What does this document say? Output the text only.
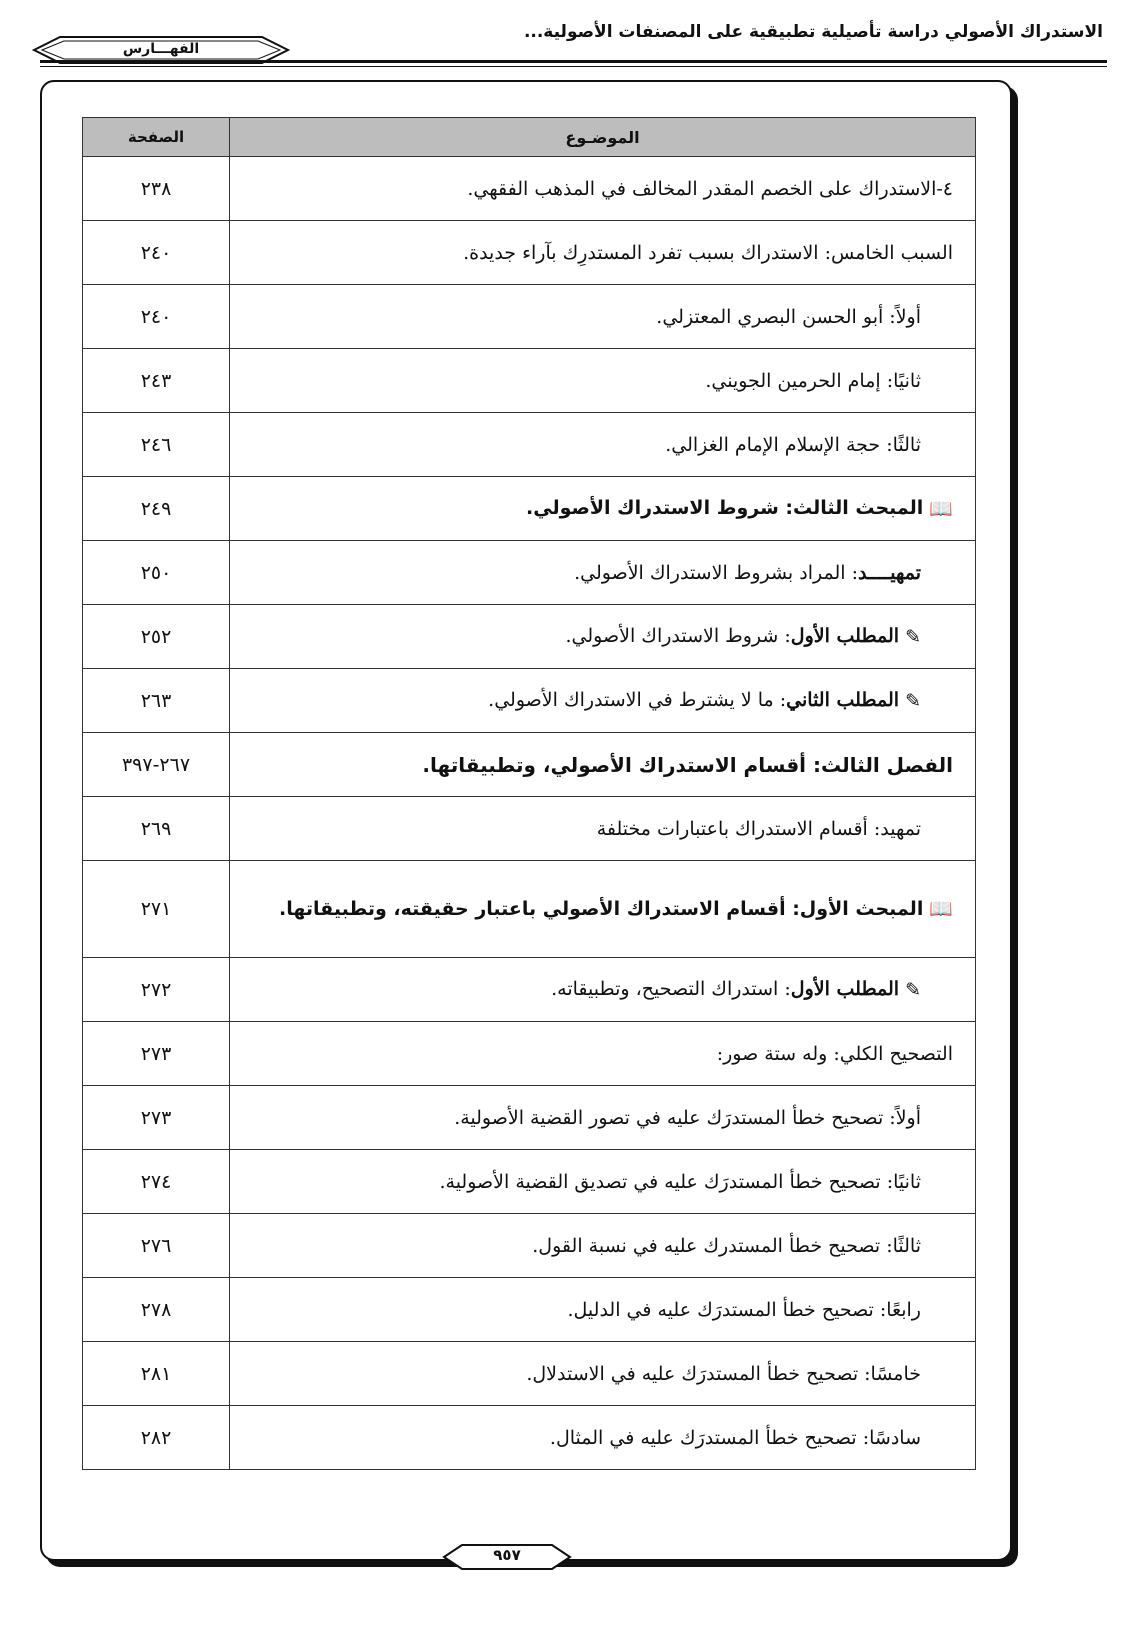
الاستدراك الأصولي دراسة تأصيلية تطبيقية على المصنفات الأصولية...
الفهـــارس
الموضـوع	الصفحة
٤-الاستدراك على الخصم المقدر المخالف في المذهب الفقهي.	٢٣٨
السبب الخامس: الاستدراك بسبب تفرد المستدرِك بآراء جديدة.	٢٤٠
أولاً: أبو الحسن البصري المعتزلي.	٢٤٠
ثانيًا: إمام الحرمين الجويني.	٢٤٣
ثالثًا: حجة الإسلام الإمام الغزالي.	٢٤٦
📖المبحث الثالث: شروط الاستدراك الأصولي.	٢٤٩
تمهيــــد: المراد بشروط الاستدراك الأصولي.	٢٥٠
✎المطلب الأول: شروط الاستدراك الأصولي.	٢٥٢
✎المطلب الثاني: ما لا يشترط في الاستدراك الأصولي.	٢٦٣
الفصل الثالث: أقسام الاستدراك الأصولي، وتطبيقاتها.	٢٦٧-٣٩٧
تمهيد: أقسام الاستدراك باعتبارات مختلفة	٢٦٩
📖المبحث الأول: أقسام الاستدراك الأصولي باعتبار حقيقته، وتطبيقاتها.	٢٧١
✎المطلب الأول: استدراك التصحيح، وتطبيقاته.	٢٧٢
التصحيح الكلي: وله ستة صور:	٢٧٣
أولاً: تصحيح خطأ المستدرَك عليه في تصور القضية الأصولية.	٢٧٣
ثانيًا: تصحيح خطأ المستدرَك عليه في تصديق القضية الأصولية.	٢٧٤
ثالثًا: تصحيح خطأ المستدرك عليه في نسبة القول.	٢٧٦
رابعًا: تصحيح خطأ المستدرَك عليه في الدليل.	٢٧٨
خامسًا: تصحيح خطأ المستدرَك عليه في الاستدلال.	٢٨١
سادسًا: تصحيح خطأ المستدرَك عليه في المثال.	٢٨٢
٩٥٧
